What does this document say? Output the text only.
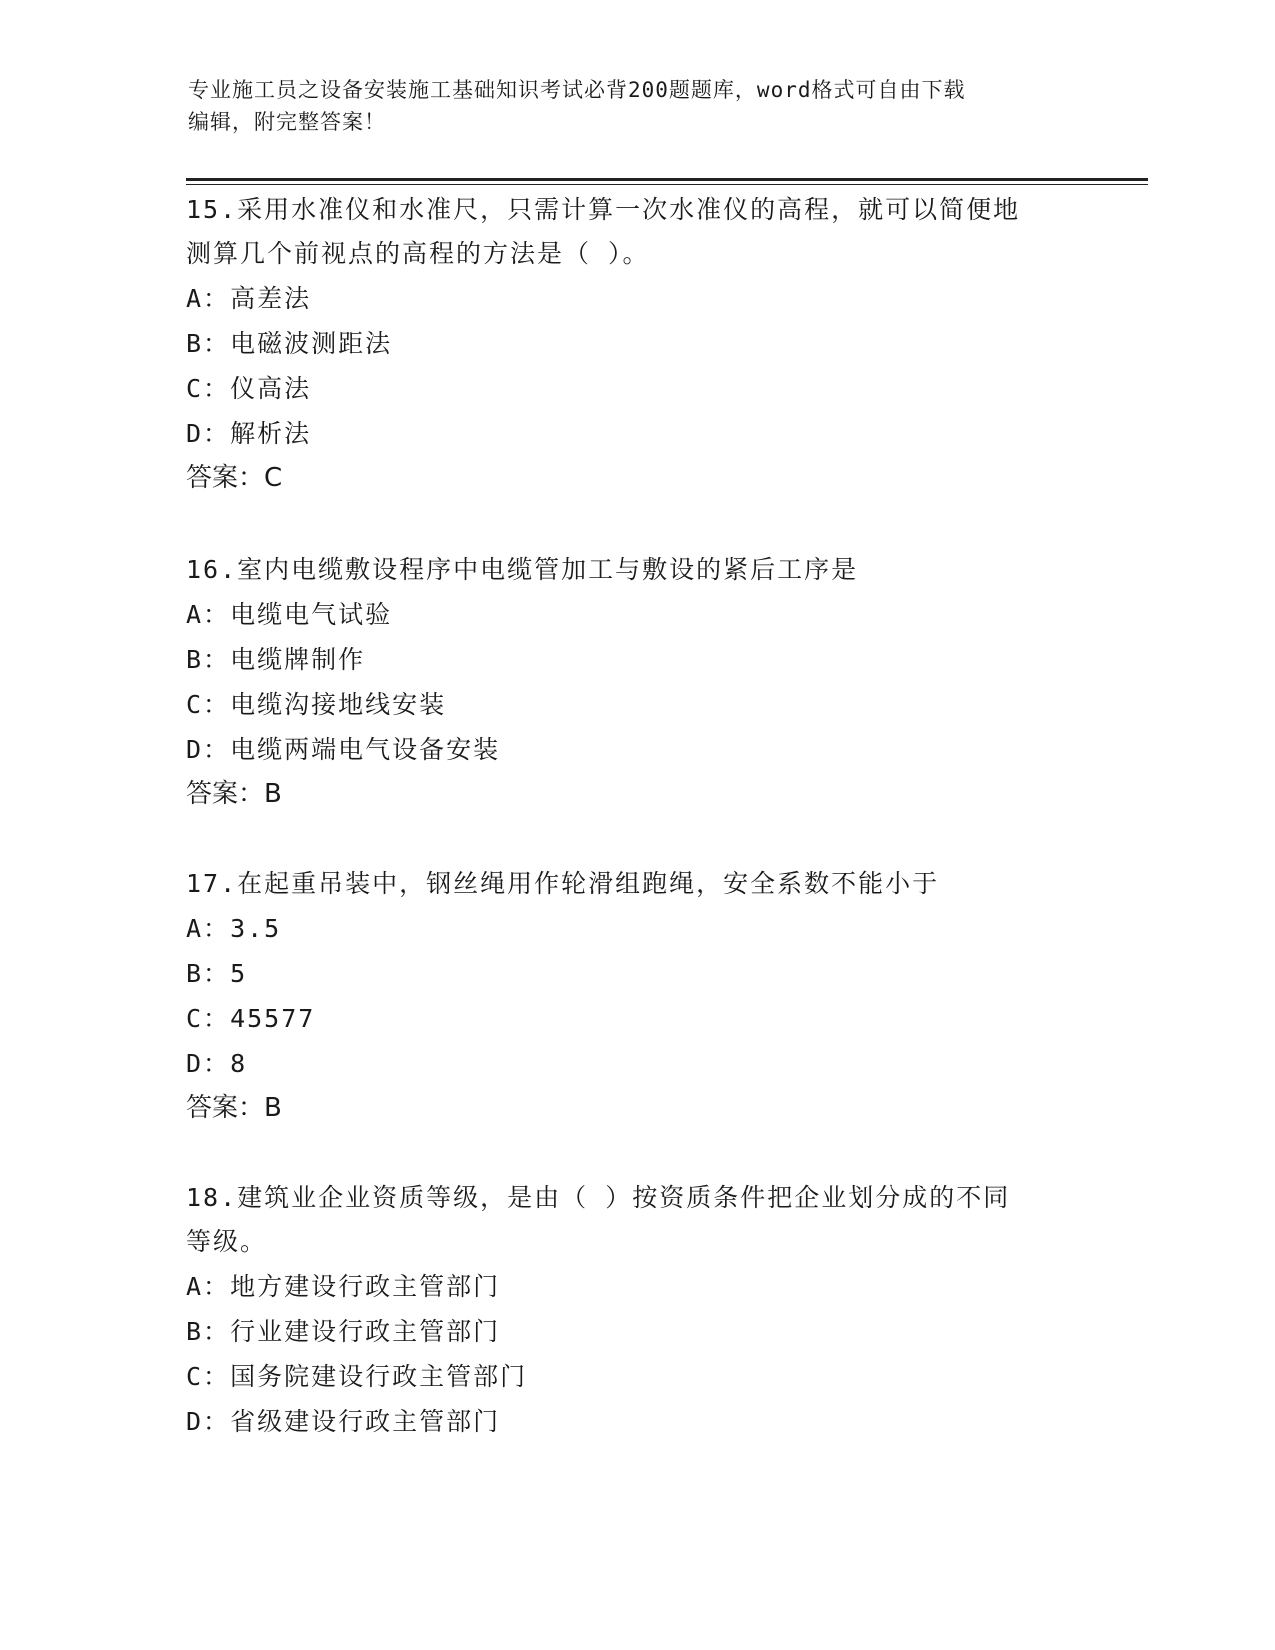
专业施工员之设备安装施工基础知识考试必背200题题库，word格式可自由下载
编辑，附完整答案！

15.采用水准仪和水准尺，只需计算一次水准仪的高程，就可以简便地

测算几个前视点的高程的方法是（ ）。

A：高差法

B：电磁波测距法

C：仪高法

D：解析法

答案：C

16.室内电缆敷设程序中电缆管加工与敷设的紧后工序是

A：电缆电气试验

B：电缆牌制作

C：电缆沟接地线安装

D：电缆两端电气设备安装

答案：B

17.在起重吊装中，钢丝绳用作轮滑组跑绳，安全系数不能小于

A：3.5

B：5

C：45577

D：8

答案：B

18.建筑业企业资质等级，是由（ ）按资质条件把企业划分成的不同

等级。

A：地方建设行政主管部门

B：行业建设行政主管部门

C：国务院建设行政主管部门

D：省级建设行政主管部门
